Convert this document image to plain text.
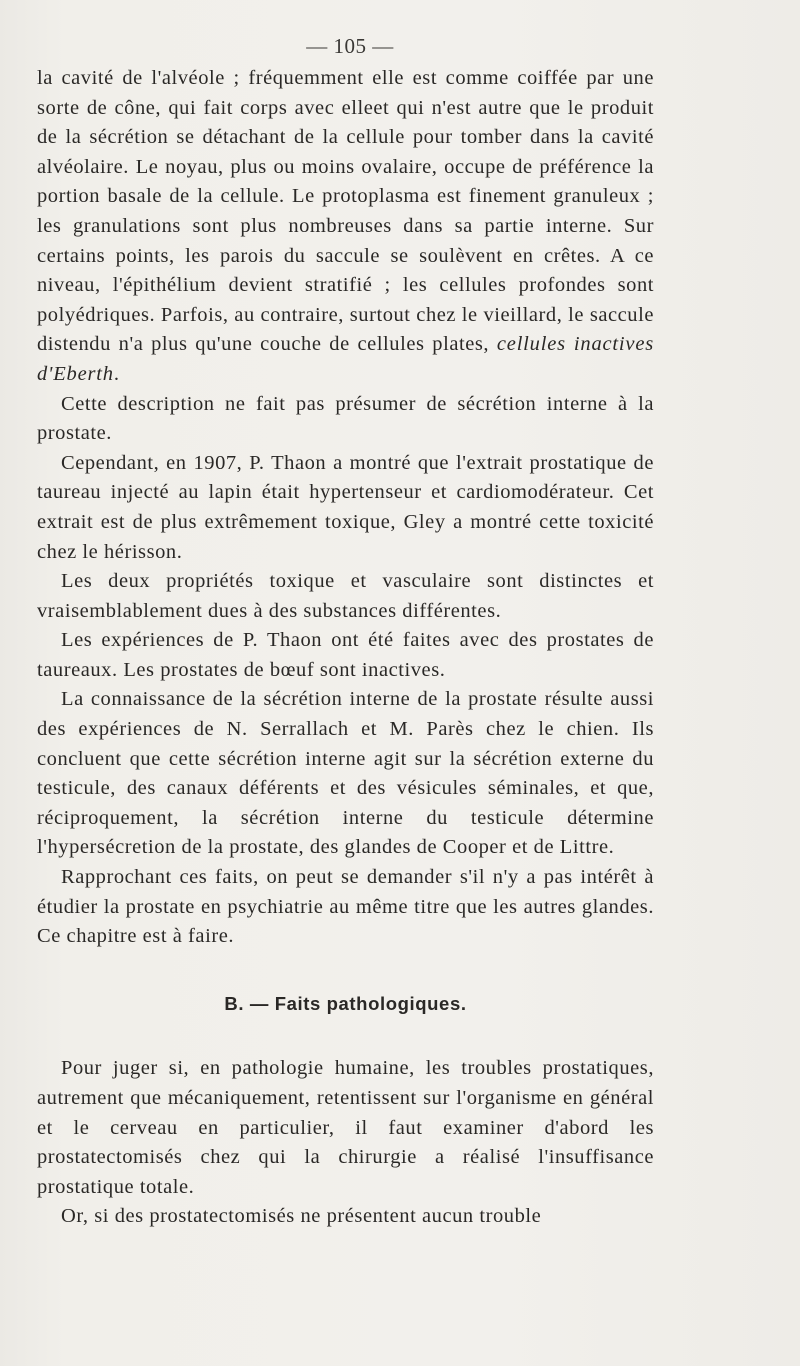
— 105 —

la cavité de l'alvéole ; fréquemment elle est comme coiffée par une sorte de cône, qui fait corps avec elleet qui n'est autre que le produit de la sécrétion se détachant de la cellule pour tomber dans la cavité alvéolaire. Le noyau, plus ou moins ovalaire, occupe de préférence la portion basale de la cellule. Le protoplasma est finement granuleux ; les granulations sont plus nombreuses dans sa partie interne. Sur certains points, les parois du saccule se soulèvent en crêtes. A ce niveau, l'épithélium devient stratifié ; les cellules profondes sont polyédriques. Parfois, au contraire, surtout chez le vieillard, le saccule distendu n'a plus qu'une couche de cellules plates, cellules inactives d'Eberth.

Cette description ne fait pas présumer de sécrétion interne à la prostate.

Cependant, en 1907, P. Thaon a montré que l'extrait prostatique de taureau injecté au lapin était hypertenseur et cardiomodérateur. Cet extrait est de plus extrêmement toxique, Gley a montré cette toxicité chez le hérisson.

Les deux propriétés toxique et vasculaire sont distinctes et vraisemblablement dues à des substances différentes.

Les expériences de P. Thaon ont été faites avec des prostates de taureaux. Les prostates de bœuf sont inactives.

La connaissance de la sécrétion interne de la prostate résulte aussi des expériences de N. Serrallach et M. Parès chez le chien. Ils concluent que cette sécrétion interne agit sur la sécrétion externe du testicule, des canaux déférents et des vésicules séminales, et que, réciproquement, la sécrétion interne du testicule détermine l'hypersécretion de la prostate, des glandes de Cooper et de Littre.

Rapprochant ces faits, on peut se demander s'il n'y a pas intérêt à étudier la prostate en psychiatrie au même titre que les autres glandes. Ce chapitre est à faire.

B. — Faits pathologiques.

Pour juger si, en pathologie humaine, les troubles prostatiques, autrement que mécaniquement, retentissent sur l'organisme en général et le cerveau en particulier, il faut examiner d'abord les prostatectomisés chez qui la chirurgie a réalisé l'insuffisance prostatique totale.

Or, si des prostatectomisés ne présentent aucun trouble
